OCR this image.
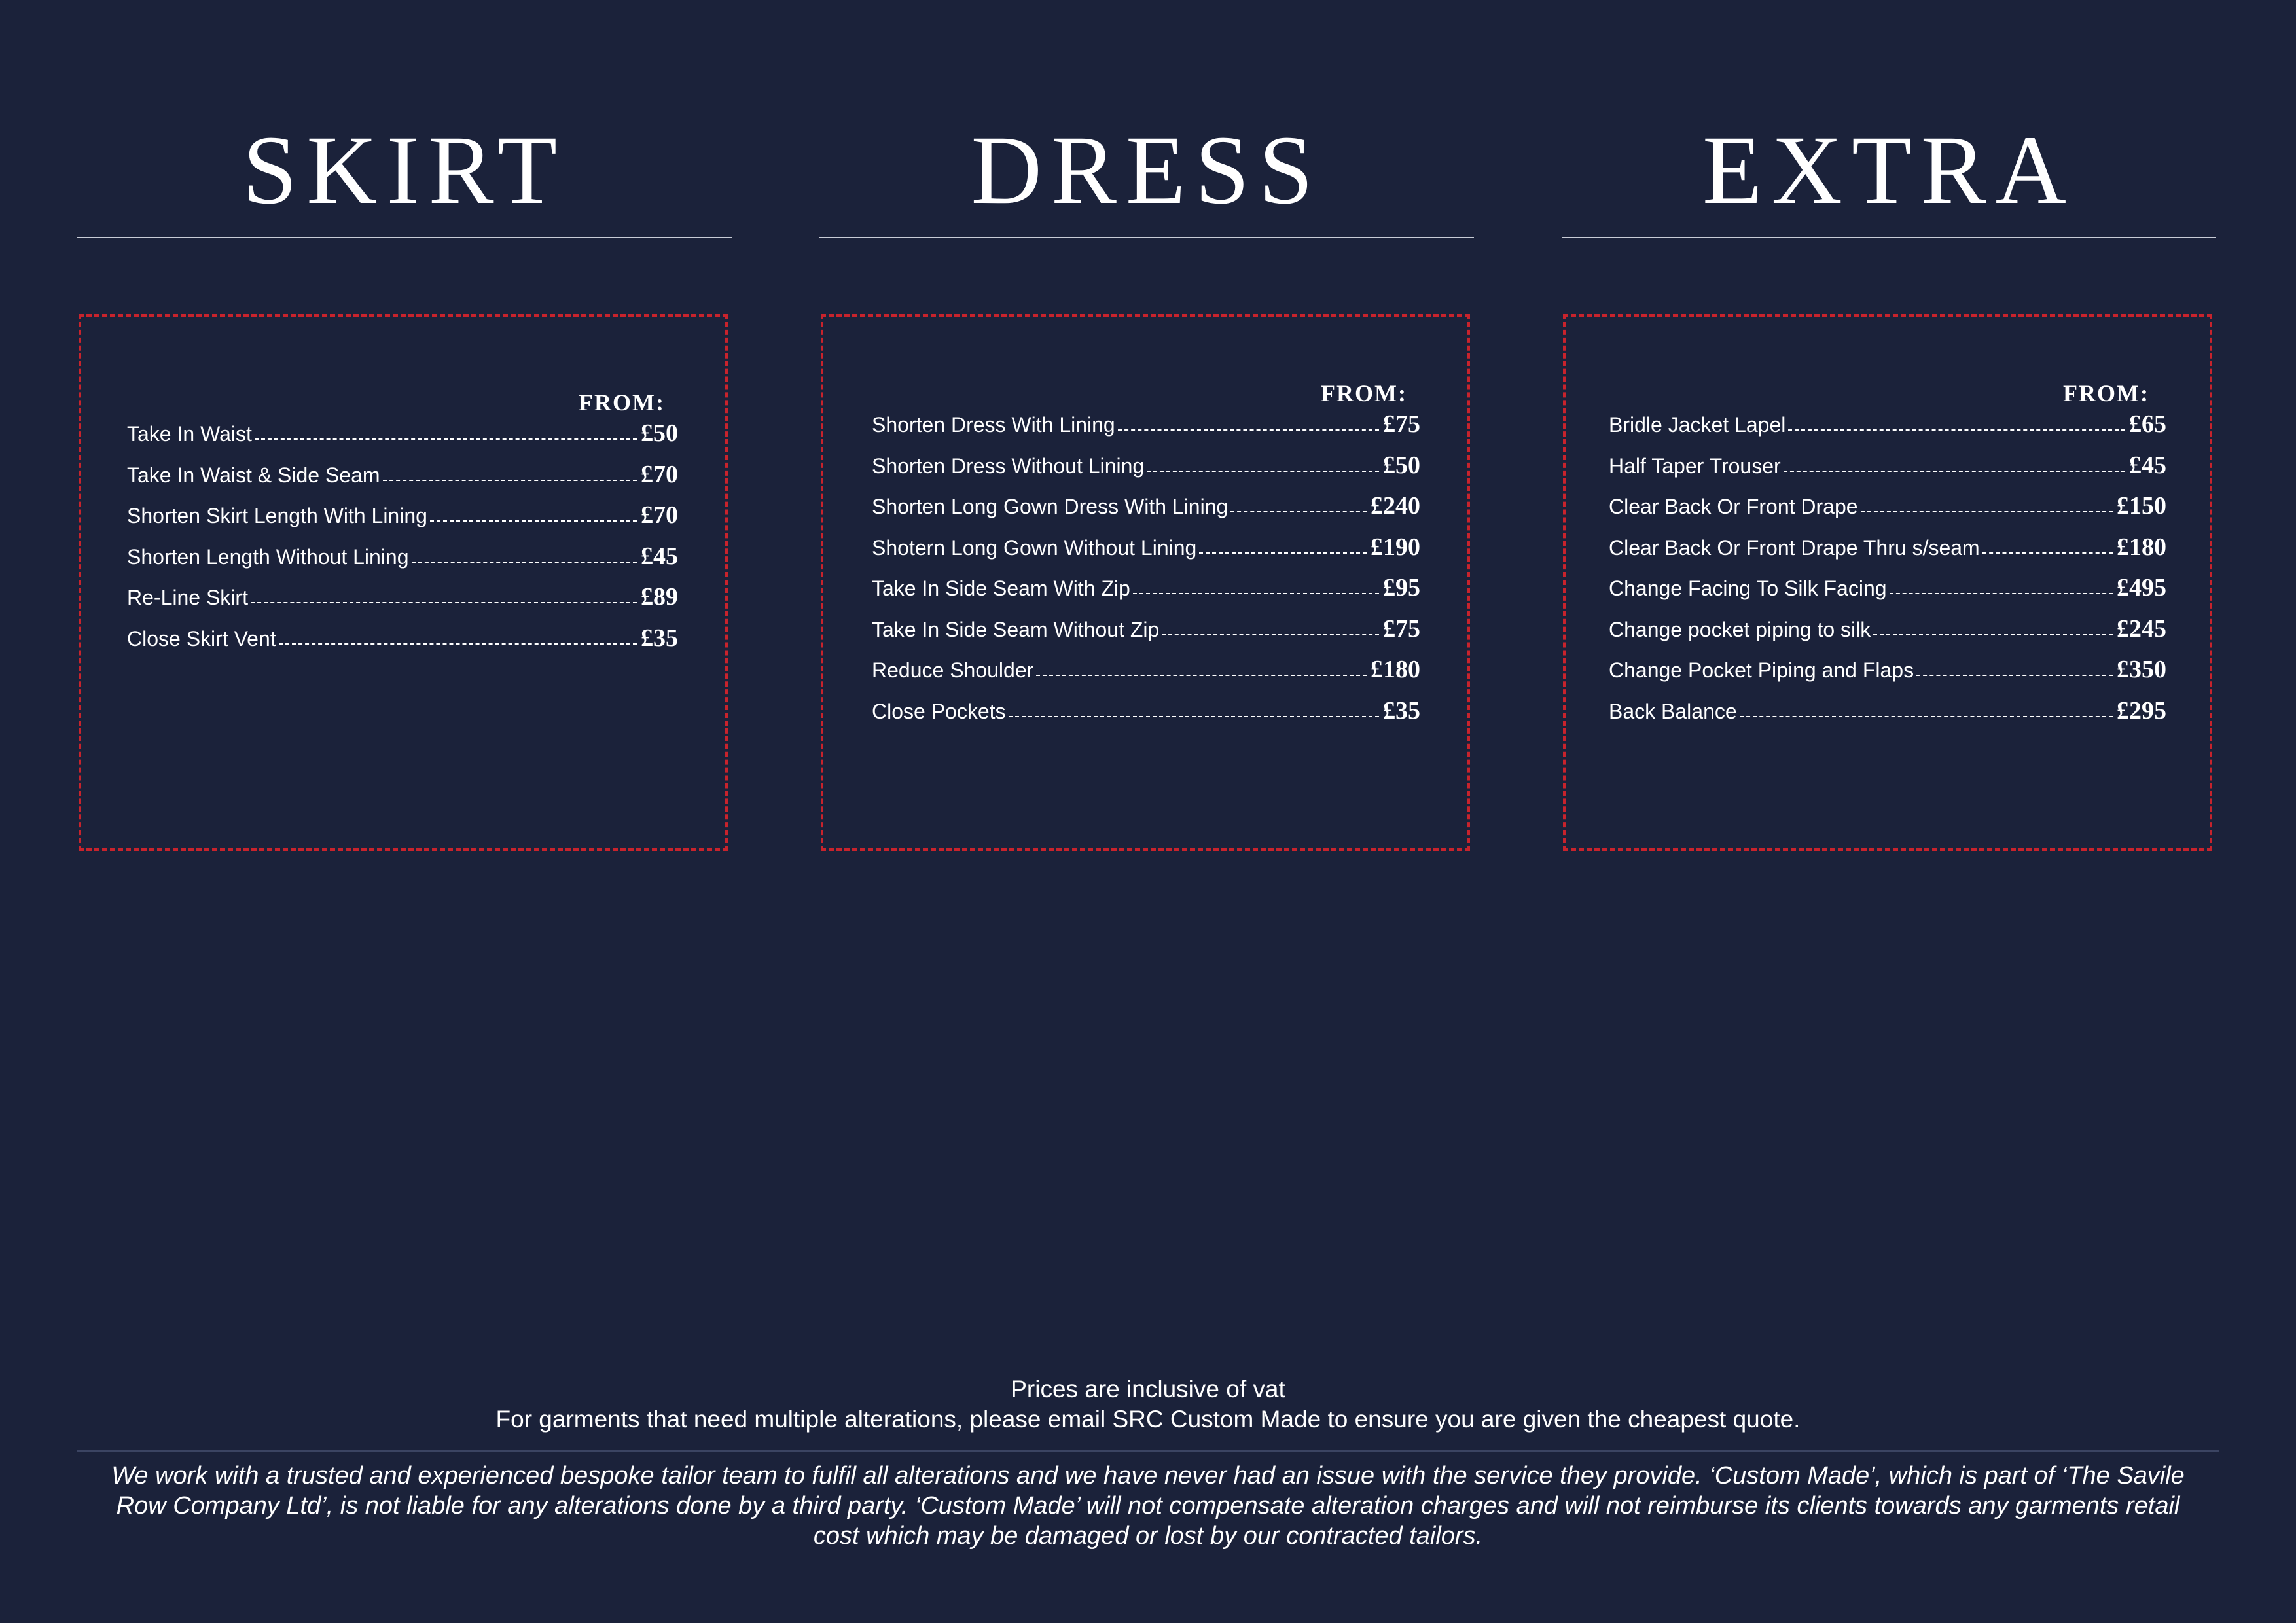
SKIRT
FROM:
Take In Waist	£50
Take In Waist & Side Seam	£70
Shorten Skirt Length With Lining	£70
Shorten Length Without Lining	£45
Re-Line Skirt	£89
Close Skirt Vent	£35
DRESS
FROM:
Shorten Dress With Lining	£75
Shorten Dress Without Lining	£50
Shorten Long Gown Dress With Lining	£240
Shotern Long Gown Without Lining	£190
Take In Side Seam With Zip	£95
Take In Side Seam Without Zip	£75
Reduce Shoulder	£180
Close Pockets	£35
EXTRA
FROM:
Bridle Jacket Lapel	£65
Half Taper Trouser	£45
Clear Back Or Front Drape	£150
Clear Back Or Front Drape Thru s/seam	£180
Change Facing To Silk Facing	£495
Change pocket piping to silk	£245
Change Pocket Piping and Flaps	£350
Back Balance	£295
Prices are inclusive of vat
For garments that need multiple alterations, please email SRC Custom Made to ensure you are given the cheapest quote.

We work with a trusted and experienced bespoke tailor team to fulfil all alterations and we have never had an issue with the service they provide. ‘Custom Made’, which is part of ‘The Savile Row Company Ltd’, is not liable for any alterations done by a third party. ‘Custom Made’ will not compensate alteration charges and will not reimburse its clients towards any garments retail cost which may be damaged or lost by our contracted tailors.
